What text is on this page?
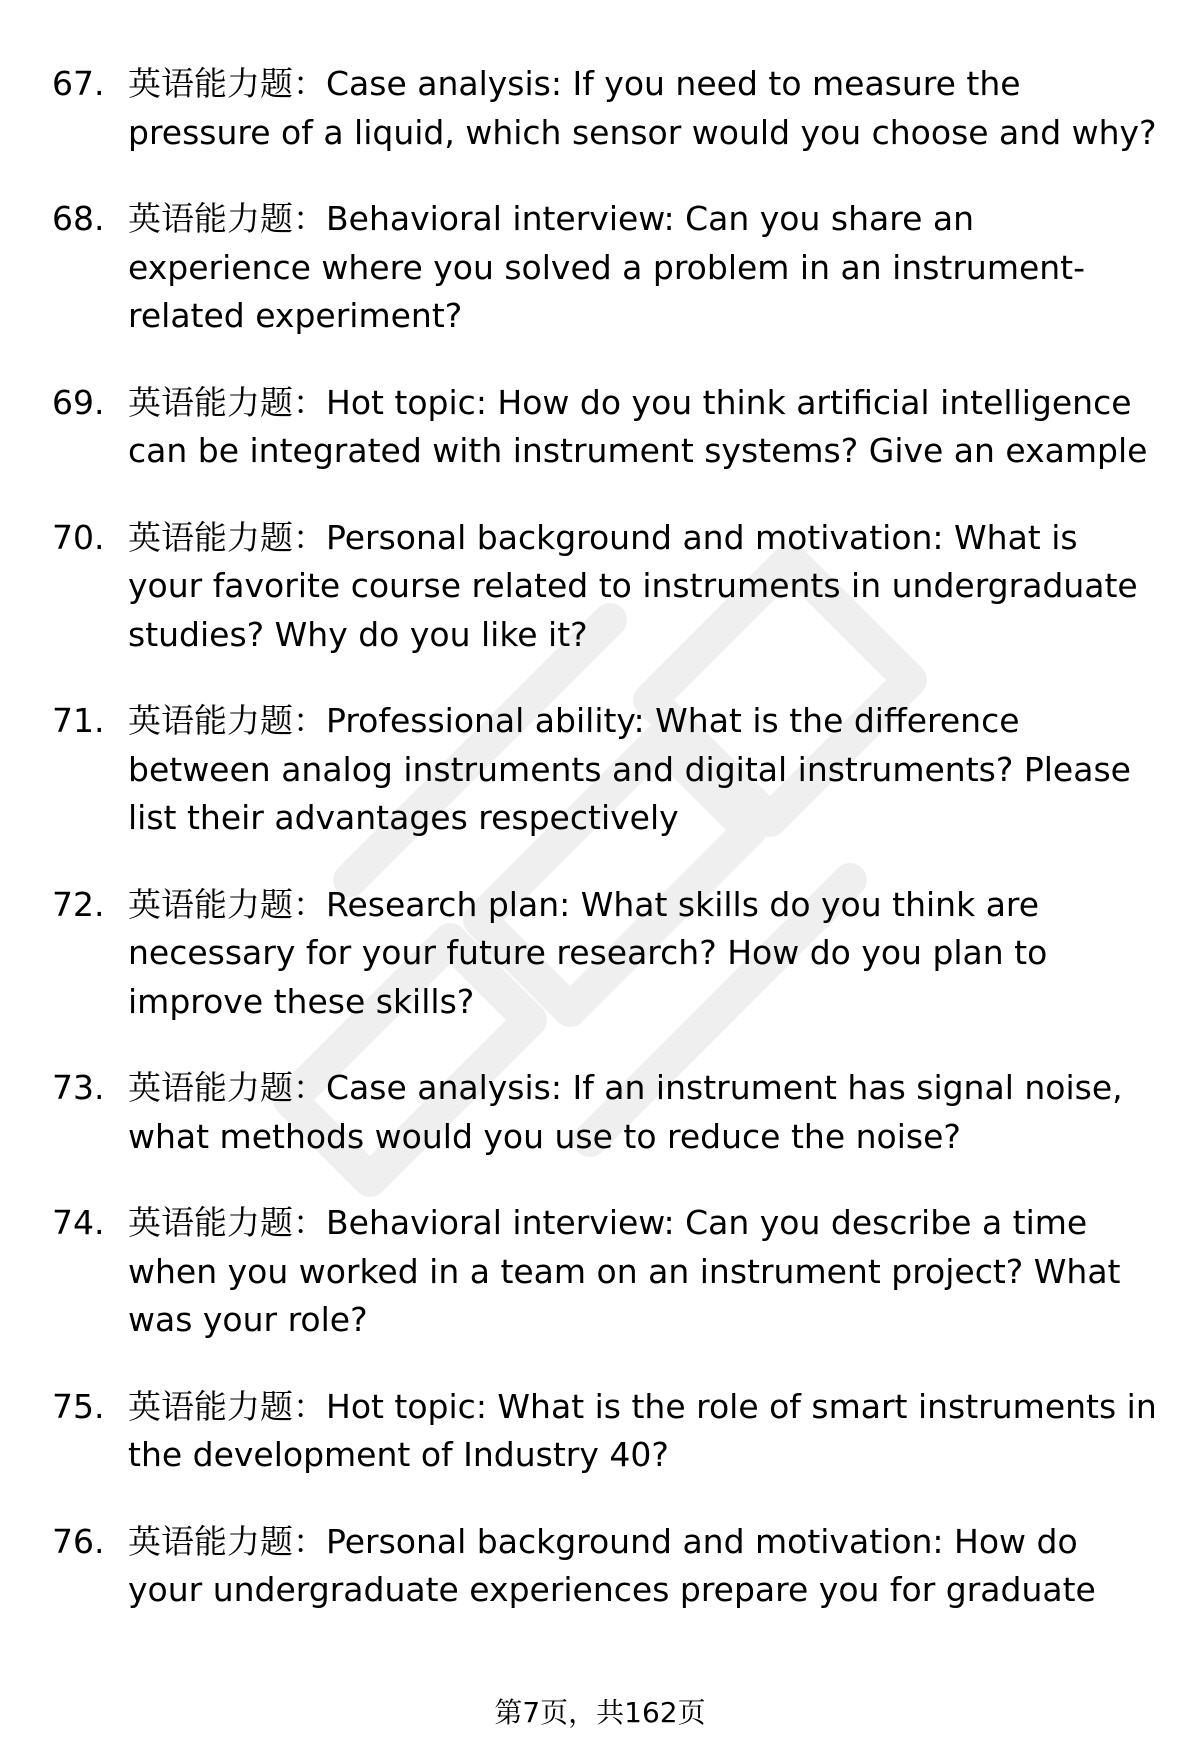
67. 英语能力题：Case analysis: If you need to measure the pressure of a liquid, which sensor would you choose and why?
68. 英语能力题：Behavioral interview: Can you share an experience where you solved a problem in an instrument-related experiment?
69. 英语能力题：Hot topic: How do you think artificial intelligence can be integrated with instrument systems? Give an example
70. 英语能力题：Personal background and motivation: What is your favorite course related to instruments in undergraduate studies? Why do you like it?
71. 英语能力题：Professional ability: What is the difference between analog instruments and digital instruments? Please list their advantages respectively
72. 英语能力题：Research plan: What skills do you think are necessary for your future research? How do you plan to improve these skills?
73. 英语能力题：Case analysis: If an instrument has signal noise, what methods would you use to reduce the noise?
74. 英语能力题：Behavioral interview: Can you describe a time when you worked in a team on an instrument project? What was your role?
75. 英语能力题：Hot topic: What is the role of smart instruments in the development of Industry 40?
76. 英语能力题：Personal background and motivation: How do your undergraduate experiences prepare you for graduate
第7页，共162页
